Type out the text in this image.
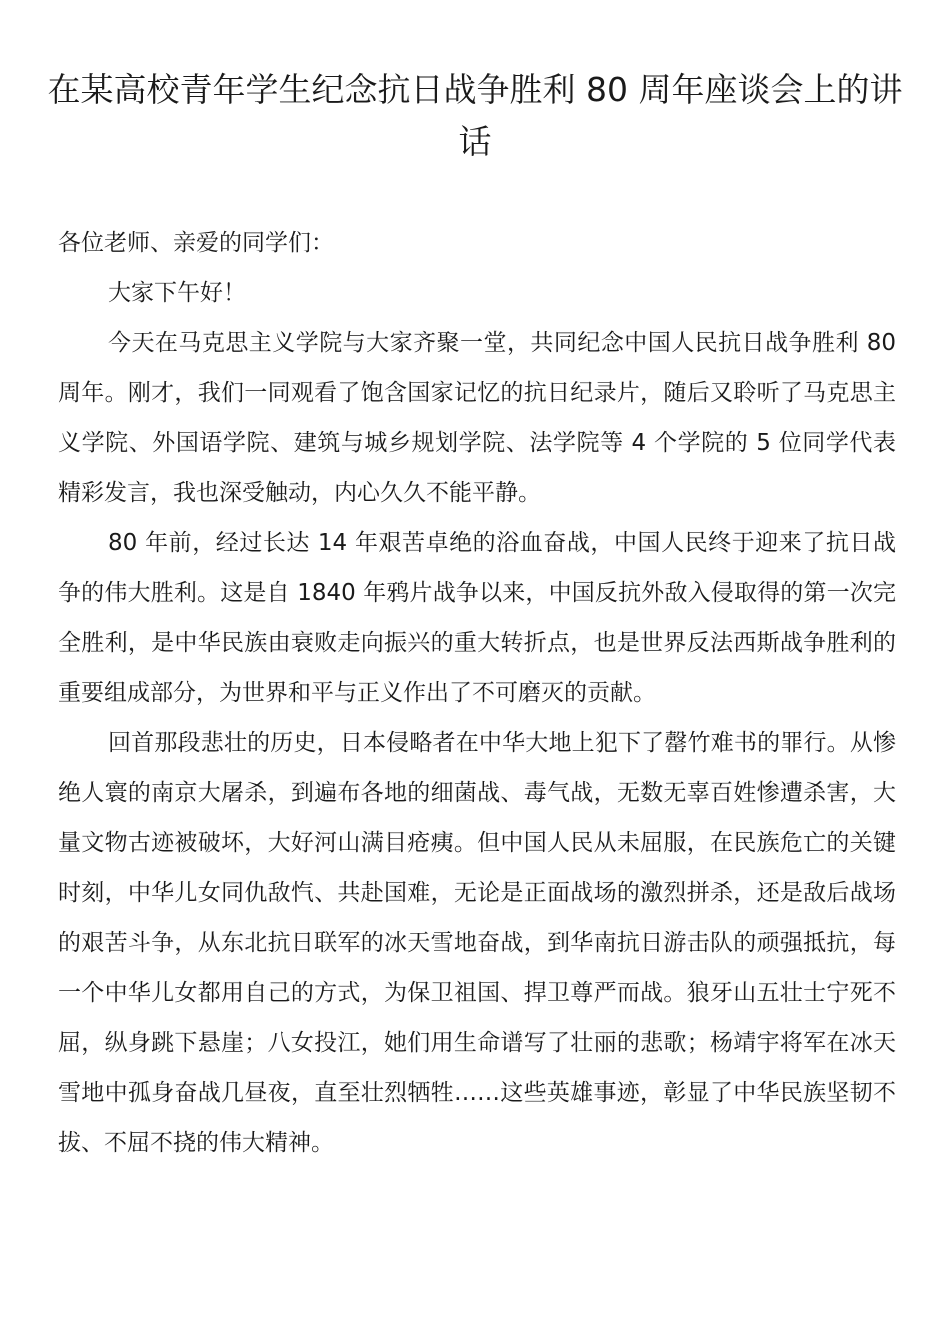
在某高校青年学生纪念抗日战争胜利 80 周年座谈会上的讲话

各位老师、亲爱的同学们：

大家下午好！

今天在马克思主义学院与大家齐聚一堂，共同纪念中国人民抗日战争胜利 80 周年。刚才，我们一同观看了饱含国家记忆的抗日纪录片，随后又聆听了马克思主义学院、外国语学院、建筑与城乡规划学院、法学院等 4 个学院的 5 位同学代表精彩发言，我也深受触动，内心久久不能平静。

80 年前，经过长达 14 年艰苦卓绝的浴血奋战，中国人民终于迎来了抗日战争的伟大胜利。这是自 1840 年鸦片战争以来，中国反抗外敌入侵取得的第一次完全胜利，是中华民族由衰败走向振兴的重大转折点，也是世界反法西斯战争胜利的重要组成部分，为世界和平与正义作出了不可磨灭的贡献。

回首那段悲壮的历史，日本侵略者在中华大地上犯下了罄竹难书的罪行。从惨绝人寰的南京大屠杀，到遍布各地的细菌战、毒气战，无数无辜百姓惨遭杀害，大量文物古迹被破坏，大好河山满目疮痍。但中国人民从未屈服，在民族危亡的关键时刻，中华儿女同仇敌忾、共赴国难，无论是正面战场的激烈拼杀，还是敌后战场的艰苦斗争，从东北抗日联军的冰天雪地奋战，到华南抗日游击队的顽强抵抗，每一个中华儿女都用自己的方式，为保卫祖国、捍卫尊严而战。狼牙山五壮士宁死不屈，纵身跳下悬崖；八女投江，她们用生命谱写了壮丽的悲歌；杨靖宇将军在冰天雪地中孤身奋战几昼夜，直至壮烈牺牲……这些英雄事迹，彰显了中华民族坚韧不拔、不屈不挠的伟大精神。
